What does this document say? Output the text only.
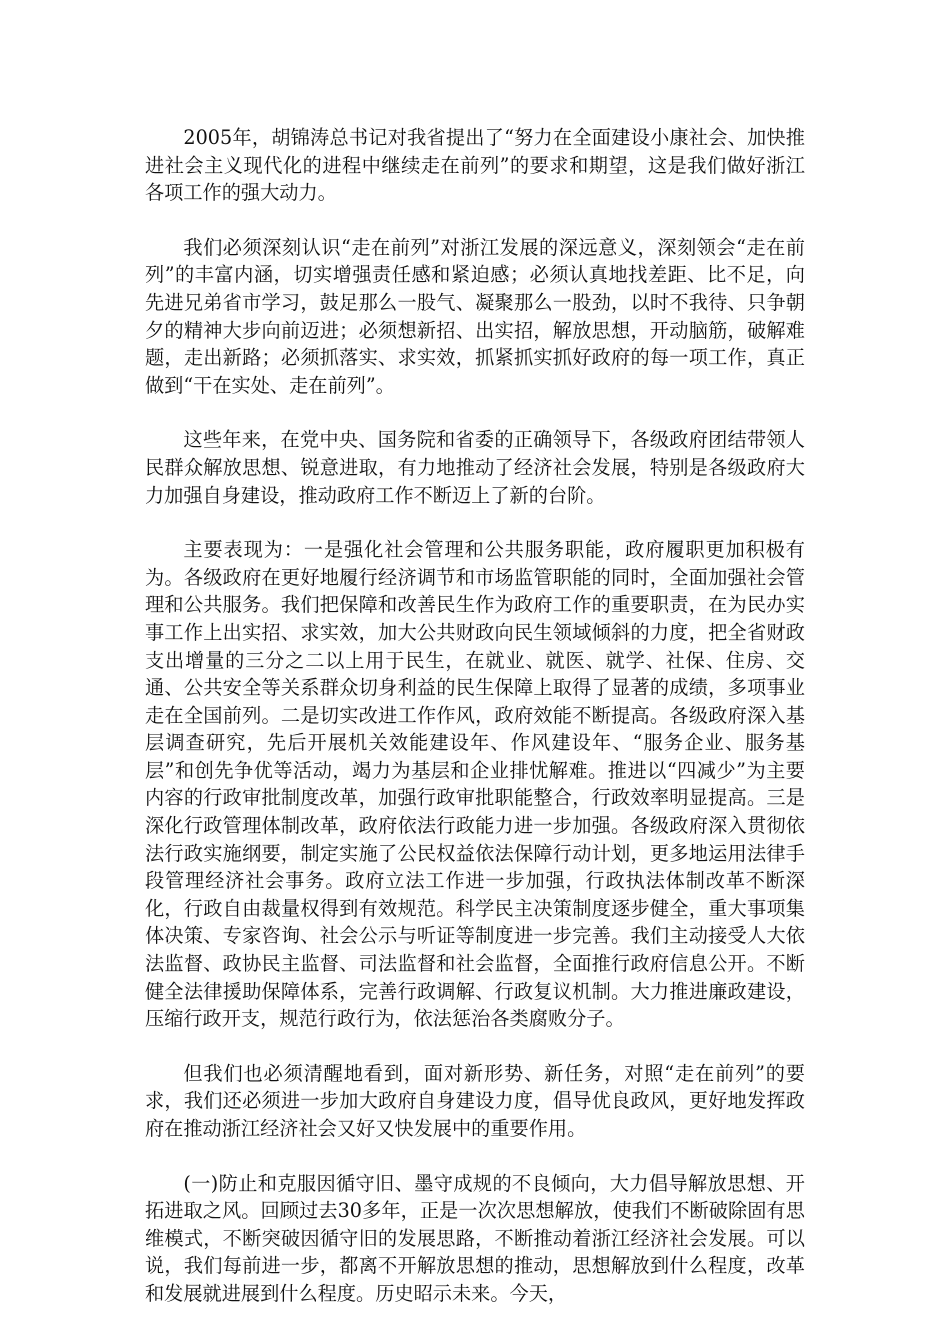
2005年，胡锦涛总书记对我省提出了“努力在全面建设小康社会、加快推进社会主义现代化的进程中继续走在前列”的要求和期望，这是我们做好浙江各项工作的强大动力。

我们必须深刻认识“走在前列”对浙江发展的深远意义，深刻领会“走在前列”的丰富内涵，切实增强责任感和紧迫感；必须认真地找差距、比不足，向先进兄弟省市学习，鼓足那么一股气、凝聚那么一股劲，以时不我待、只争朝夕的精神大步向前迈进；必须想新招、出实招，解放思想，开动脑筋，破解难题，走出新路；必须抓落实、求实效，抓紧抓实抓好政府的每一项工作，真正做到“干在实处、走在前列”。

这些年来，在党中央、国务院和省委的正确领导下，各级政府团结带领人民群众解放思想、锐意进取，有力地推动了经济社会发展，特别是各级政府大力加强自身建设，推动政府工作不断迈上了新的台阶。

主要表现为：一是强化社会管理和公共服务职能，政府履职更加积极有为。各级政府在更好地履行经济调节和市场监管职能的同时，全面加强社会管理和公共服务。我们把保障和改善民生作为政府工作的重要职责，在为民办实事工作上出实招、求实效，加大公共财政向民生领域倾斜的力度，把全省财政支出增量的三分之二以上用于民生，在就业、就医、就学、社保、住房、交通、公共安全等关系群众切身利益的民生保障上取得了显著的成绩，多项事业走在全国前列。二是切实改进工作作风，政府效能不断提高。各级政府深入基层调查研究，先后开展机关效能建设年、作风建设年、“服务企业、服务基层”和创先争优等活动，竭力为基层和企业排忧解难。推进以“四减少”为主要内容的行政审批制度改革，加强行政审批职能整合，行政效率明显提高。三是深化行政管理体制改革，政府依法行政能力进一步加强。各级政府深入贯彻依法行政实施纲要，制定实施了公民权益依法保障行动计划，更多地运用法律手段管理经济社会事务。政府立法工作进一步加强，行政执法体制改革不断深化，行政自由裁量权得到有效规范。科学民主决策制度逐步健全，重大事项集体决策、专家咨询、社会公示与听证等制度进一步完善。我们主动接受人大依法监督、政协民主监督、司法监督和社会监督，全面推行政府信息公开。不断健全法律援助保障体系，完善行政调解、行政复议机制。大力推进廉政建设，压缩行政开支，规范行政行为，依法惩治各类腐败分子。

但我们也必须清醒地看到，面对新形势、新任务，对照“走在前列”的要求，我们还必须进一步加大政府自身建设力度，倡导优良政风，更好地发挥政府在推动浙江经济社会又好又快发展中的重要作用。

(一)防止和克服因循守旧、墨守成规的不良倾向，大力倡导解放思想、开拓进取之风。回顾过去30多年，正是一次次思想解放，使我们不断破除固有思维模式，不断突破因循守旧的发展思路，不断推动着浙江经济社会发展。可以说，我们每前进一步，都离不开解放思想的推动，思想解放到什么程度，改革和发展就进展到什么程度。历史昭示未来。今天，
